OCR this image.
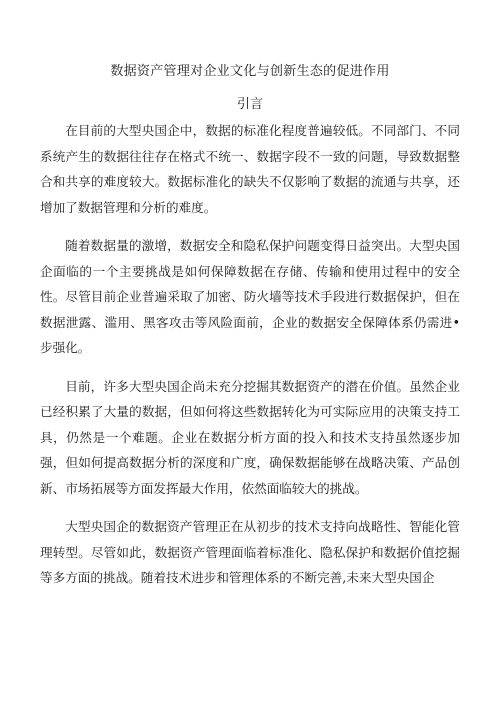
数据资产管理对企业文化与创新生态的促进作用
引言

在目前的大型央国企中，数据的标准化程度普遍较低。不同部门、不同系统产生的数据往往存在格式不统一、数据字段不一致的问题，导致数据整合和共享的难度较大。数据标准化的缺失不仅影响了数据的流通与共享，还增加了数据管理和分析的难度。

随着数据量的激增，数据安全和隐私保护问题变得日益突出。大型央国企面临的一个主要挑战是如何保障数据在存储、传输和使用过程中的安全性。尽管目前企业普遍采取了加密、防火墙等技术手段进行数据保护，但在数据泄露、滥用、黑客攻击等风险面前，企业的数据安全保障体系仍需进•步强化。

目前，许多大型央国企尚未充分挖掘其数据资产的潜在价值。虽然企业已经积累了大量的数据，但如何将这些数据转化为可实际应用的决策支持工具，仍然是一个难题。企业在数据分析方面的投入和技术支持虽然逐步加强，但如何提高数据分析的深度和广度，确保数据能够在战略决策、产品创新、市场拓展等方面发挥最大作用，依然面临较大的挑战。

大型央国企的数据资产管理正在从初步的技术支持向战略性、智能化管理转型。尽管如此，数据资产管理面临着标准化、隐私保护和数据价值挖掘等多方面的挑战。随着技术进步和管理体系的不断完善,未来大型央国企
